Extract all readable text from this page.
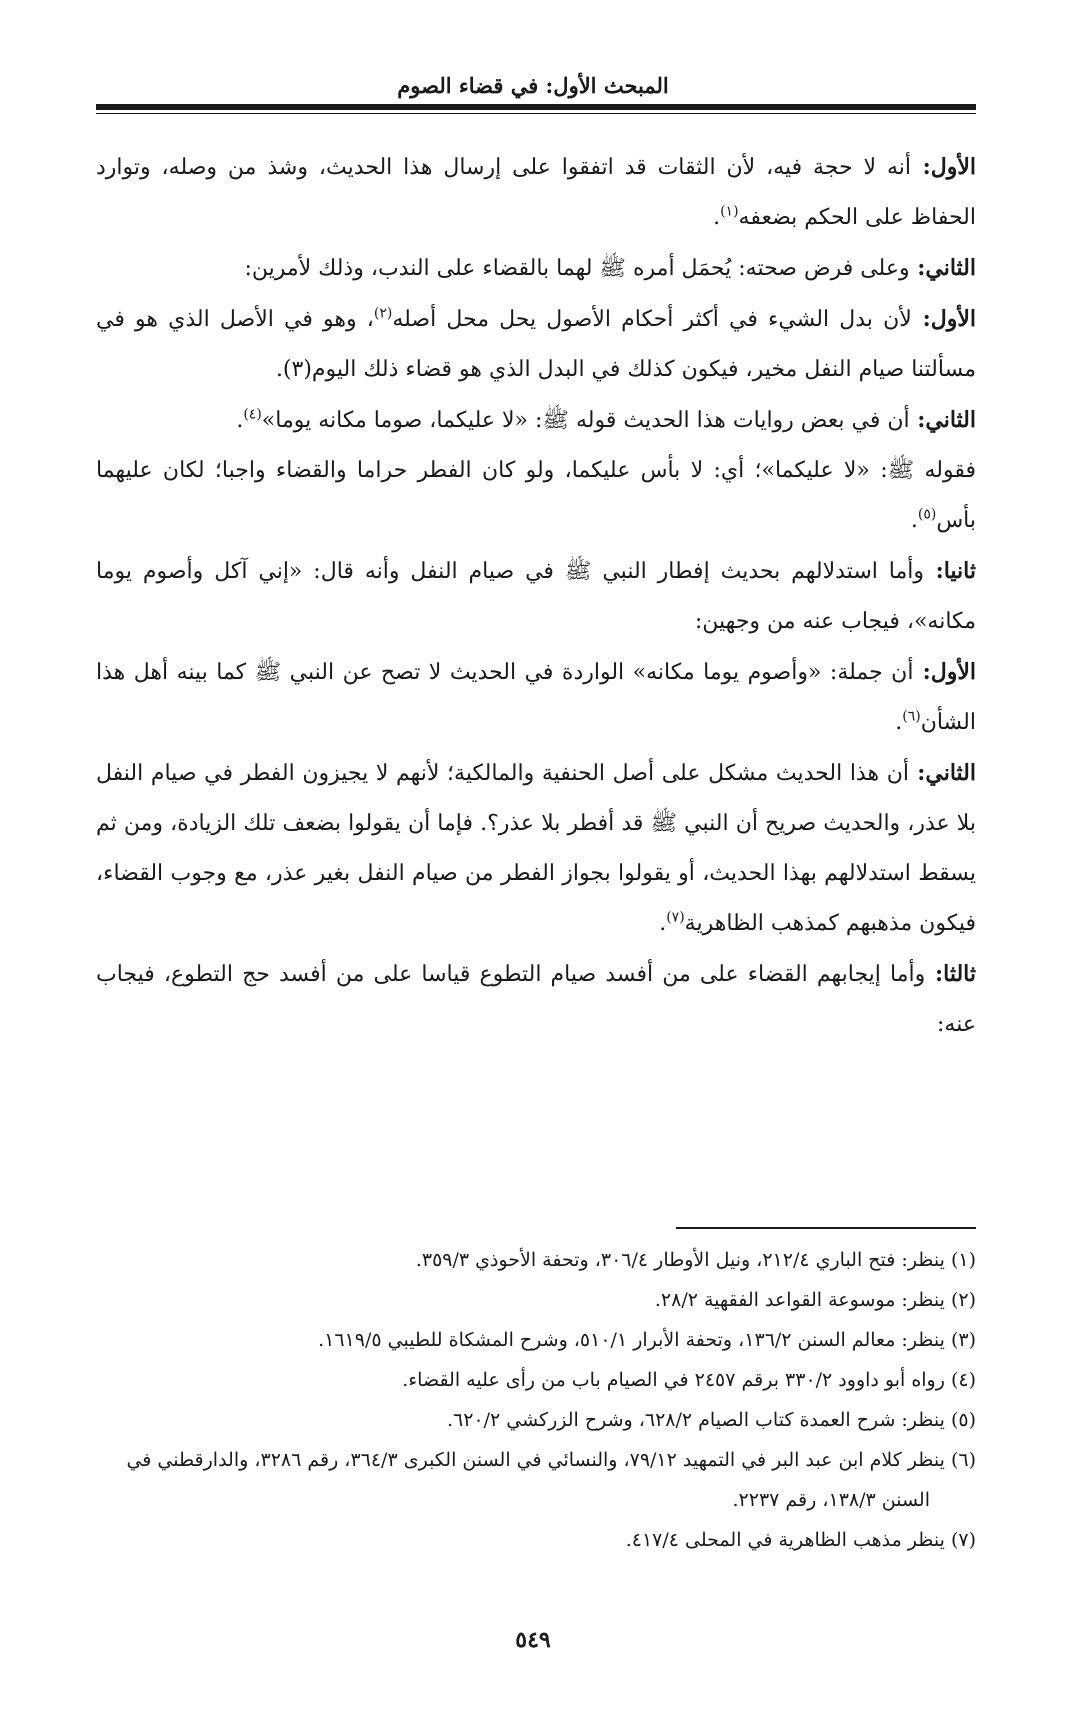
المبحث الأول: في قضاء الصوم

الأول: أنه لا حجة فيه، لأن الثقات قد اتفقوا على إرسال هذا الحديث، وشذ من وصله، وتوارد الحفاظ على الحكم بضعفه$^{(١)}$.

الثاني: وعلى فرض صحته: يُحمَل أمره ﷺ لهما بالقضاء على الندب، وذلك لأمرين:

الأول: لأن بدل الشيء في أكثر أحكام الأصول يحل محل أصله$^{(٢)}$، وهو في الأصل الذي هو في مسألتنا صيام النفل مخير، فيكون كذلك في البدل الذي هو قضاء ذلك اليوم(٣).

الثاني: أن في بعض روايات هذا الحديث قوله ﷺ: «لا عليكما، صوما مكانه يوما»$^{(٤)}$.

فقوله ﷺ: «لا عليكما»؛ أي: لا بأس عليكما، ولو كان الفطر حراما والقضاء واجبا؛ لكان عليهما بأس$^{(٥)}$.

ثانيا: وأما استدلالهم بحديث إفطار النبي ﷺ في صيام النفل وأنه قال: «إني آكل وأصوم يوما مكانه»، فيجاب عنه من وجهين:

الأول: أن جملة: «وأصوم يوما مكانه» الواردة في الحديث لا تصح عن النبي ﷺ كما بينه أهل هذا الشأن$^{(٦)}$.

الثاني: أن هذا الحديث مشكل على أصل الحنفية والمالكية؛ لأنهم لا يجيزون الفطر في صيام النفل بلا عذر، والحديث صريح أن النبي ﷺ قد أفطر بلا عذر؟. فإما أن يقولوا بضعف تلك الزيادة، ومن ثم يسقط استدلالهم بهذا الحديث، أو يقولوا بجواز الفطر من صيام النفل بغير عذر، مع وجوب القضاء، فيكون مذهبهم كمذهب الظاهرية$^{(٧)}$.

ثالثا: وأما إيجابهم القضاء على من أفسد صيام التطوع قياسا على من أفسد حج التطوع، فيجاب عنه:

(١) ينظر: فتح الباري ٢١٢/٤، ونيل الأوطار ٣٠٦/٤، وتحفة الأحوذي ٣٥٩/٣.

(٢) ينظر: موسوعة القواعد الفقهية ٢٨/٢.

(٣) ينظر: معالم السنن ١٣٦/٢، وتحفة الأبرار ٥١٠/١، وشرح المشكاة للطيبي ١٦١٩/٥.

(٤) رواه أبو داوود ٣٣٠/٢ برقم ٢٤٥٧ في الصيام باب من رأى عليه القضاء.

(٥) ينظر: شرح العمدة كتاب الصيام ٦٢٨/٢، وشرح الزركشي ٦٢٠/٢.

(٦) ينظر كلام ابن عبد البر في التمهيد ٧٩/١٢، والنسائي في السنن الكبرى ٣٦٤/٣، رقم ٣٢٨٦، والدارقطني في السنن ١٣٨/٣، رقم ٢٢٣٧.

(٧) ينظر مذهب الظاهرية في المحلى ٤١٧/٤.

٥٤٩
